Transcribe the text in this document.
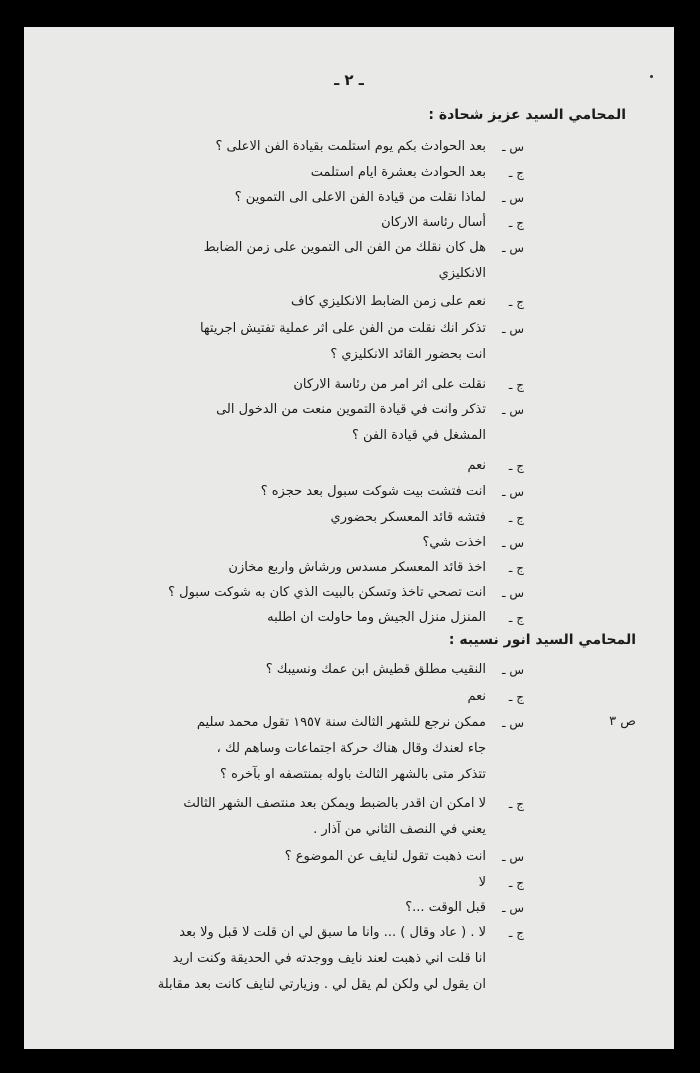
ـ ٢ ـ
المحامي السيد عزيز شحادة :
س ـ
بعد الحوادث بكم يوم استلمت بقيادة الفن الاعلى ؟
ج ـ
بعد الحوادث بعشرة ايام استلمت
س ـ
لماذا نقلت من قيادة الفن الاعلى الى التموين ؟
ج ـ
أسال رئاسة الاركان
س ـ
هل كان نقلك من الفن الى التموين على زمن الضابط
الانكليزي
ج ـ
نعم على زمن الضابط الانكليزي كاف
س ـ
تذكر انك نقلت من الفن على اثر عملية تفتيش اجريتها
انت بحضور القائد الانكليزي ؟
ج ـ
نقلت على اثر امر من رئاسة الاركان
س ـ
تذكر وانت في قيادة التموين منعت من الدخول الى
المشغل في قيادة الفن ؟
ج ـ
نعم
س ـ
انت فتشت بيت شوكت سبول بعد حجزه ؟
ج ـ
فتشه قائد المعسكر بحضوري
س ـ
اخذت شي؟
ج ـ
اخذ قائد المعسكر مسدس ورشاش واربع مخازن
س ـ
انت تصحي تاخذ وتسكن بالبيت الذي كان به شوكت سبول ؟
ج ـ
المنزل منزل الجيش وما حاولت ان اطلبه
المحامي السيد انور نسيبه :
ص ٣
س ـ
النقيب مطلق قطيش ابن عمك ونسيبك ؟
ج ـ
نعم
س ـ
ممكن نرجع للشهر الثالث سنة ١٩٥٧ تقول محمد سليم
جاء لعندك وقال هناك حركة اجتماعات وساهم لك ،
تتذكر متى بالشهر الثالث باوله بمنتصفه او بآخره ؟
ج ـ
لا امكن ان اقدر بالضبط ويمكن بعد منتصف الشهر الثالث
يعني في النصف الثاني من آذار .
س ـ
انت ذهبت تقول لنايف عن الموضوع ؟
ج ـ
لا
س ـ
قبل الوقت ...؟
ج ـ
لا . ( عاد وقال ) ... وانا ما سبق لي ان قلت لا قبل ولا بعد
انا قلت اني ذهبت لعند نايف ووجدته في الحديقة وكنت اريد
ان يقول لي ولكن لم يقل لي . وزيارتي لنايف كانت بعد مقابلة
